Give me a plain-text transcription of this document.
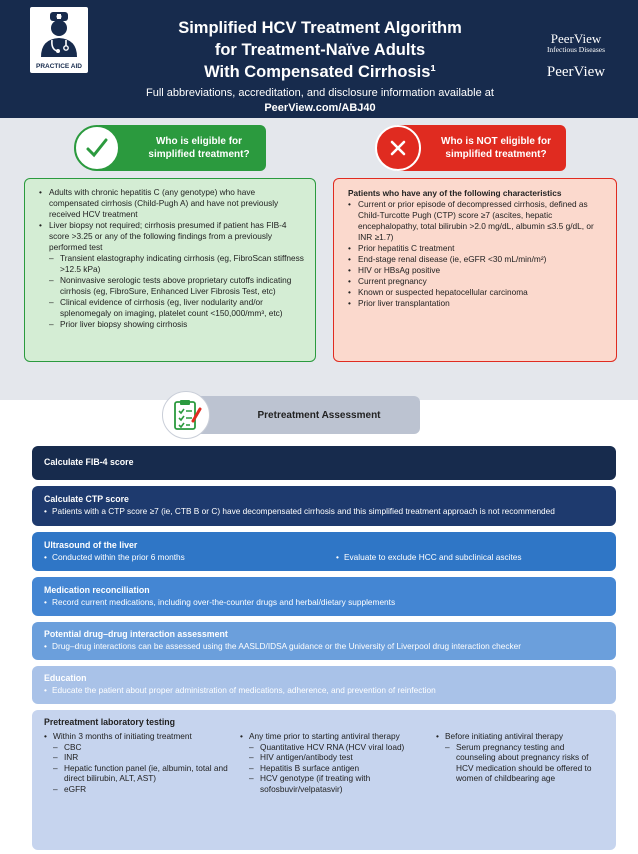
PRACTICE AID
Simplified HCV Treatment Algorithm
for Treatment-Naïve Adults
With Compensated Cirrhosis¹
Full abbreviations, accreditation, and disclosure information available at
PeerView.com/ABJ40
PeerView
Infectious Diseases
PeerView
Who is eligible for
simplified treatment?
Who is NOT eligible for
simplified treatment?
• Adults with chronic hepatitis C (any genotype) who have compensated cirrhosis (Child-Pugh A) and have not previously received HCV treatment
• Liver biopsy not required; cirrhosis presumed if patient has FIB-4 score >3.25 or any of the following findings from a previously performed test
– Transient elastography indicating cirrhosis (eg, FibroScan stiffness >12.5 kPa)
– Noninvasive serologic tests above proprietary cutoffs indicating cirrhosis (eg, FibroSure, Enhanced Liver Fibrosis Test, etc)
– Clinical evidence of cirrhosis (eg, liver nodularity and/or splenomegaly on imaging, platelet count <150,000/mm³, etc)
– Prior liver biopsy showing cirrhosis
Patients who have any of the following characteristics
• Current or prior episode of decompressed cirrhosis, defined as Child-Turcotte Pugh (CTP) score ≥7 (ascites, hepatic encephalopathy, total bilirubin >2.0 mg/dL, albumin ≤3.5 g/dL, or INR ≥1.7)
• Prior hepatitis C treatment
• End-stage renal disease (ie, eGFR <30 mL/min/m²)
• HIV or HBsAg positive
• Current pregnancy
• Known or suspected hepatocellular carcinoma
• Prior liver transplantation
Pretreatment Assessment
Calculate FIB-4 score
Calculate CTP score
• Patients with a CTP score ≥7 (ie, CTB B or C) have decompensated cirrhosis and this simplified treatment approach is not recommended
Ultrasound of the liver
• Conducted within the prior 6 months
•	Evaluate to exclude HCC and subclinical ascites
Medication reconciliation
• Record current medications, including over-the-counter drugs and herbal/dietary supplements
Potential drug–drug interaction assessment
• Drug–drug interactions can be assessed using the AASLD/IDSA guidance or the University of Liverpool drug interaction checker
Education
• Educate the patient about proper administration of medications, adherence, and prevention of reinfection
Pretreatment laboratory testing
• Within 3 months of initiating treatment
– CBC
– INR
– Hepatic function panel (ie, albumin, total and direct bilirubin, ALT, AST)
– eGFR
• Any time prior to starting antiviral therapy
– Quantitative HCV RNA (HCV viral load)
– HIV antigen/antibody test
– Hepatitis B surface antigen
– HCV genotype (if treating with sofosbuvir/velpatasvir)
• Before initiating antiviral therapy
– Serum pregnancy testing and counseling about pregnancy risks of HCV medication should be offered to women of childbearing age
